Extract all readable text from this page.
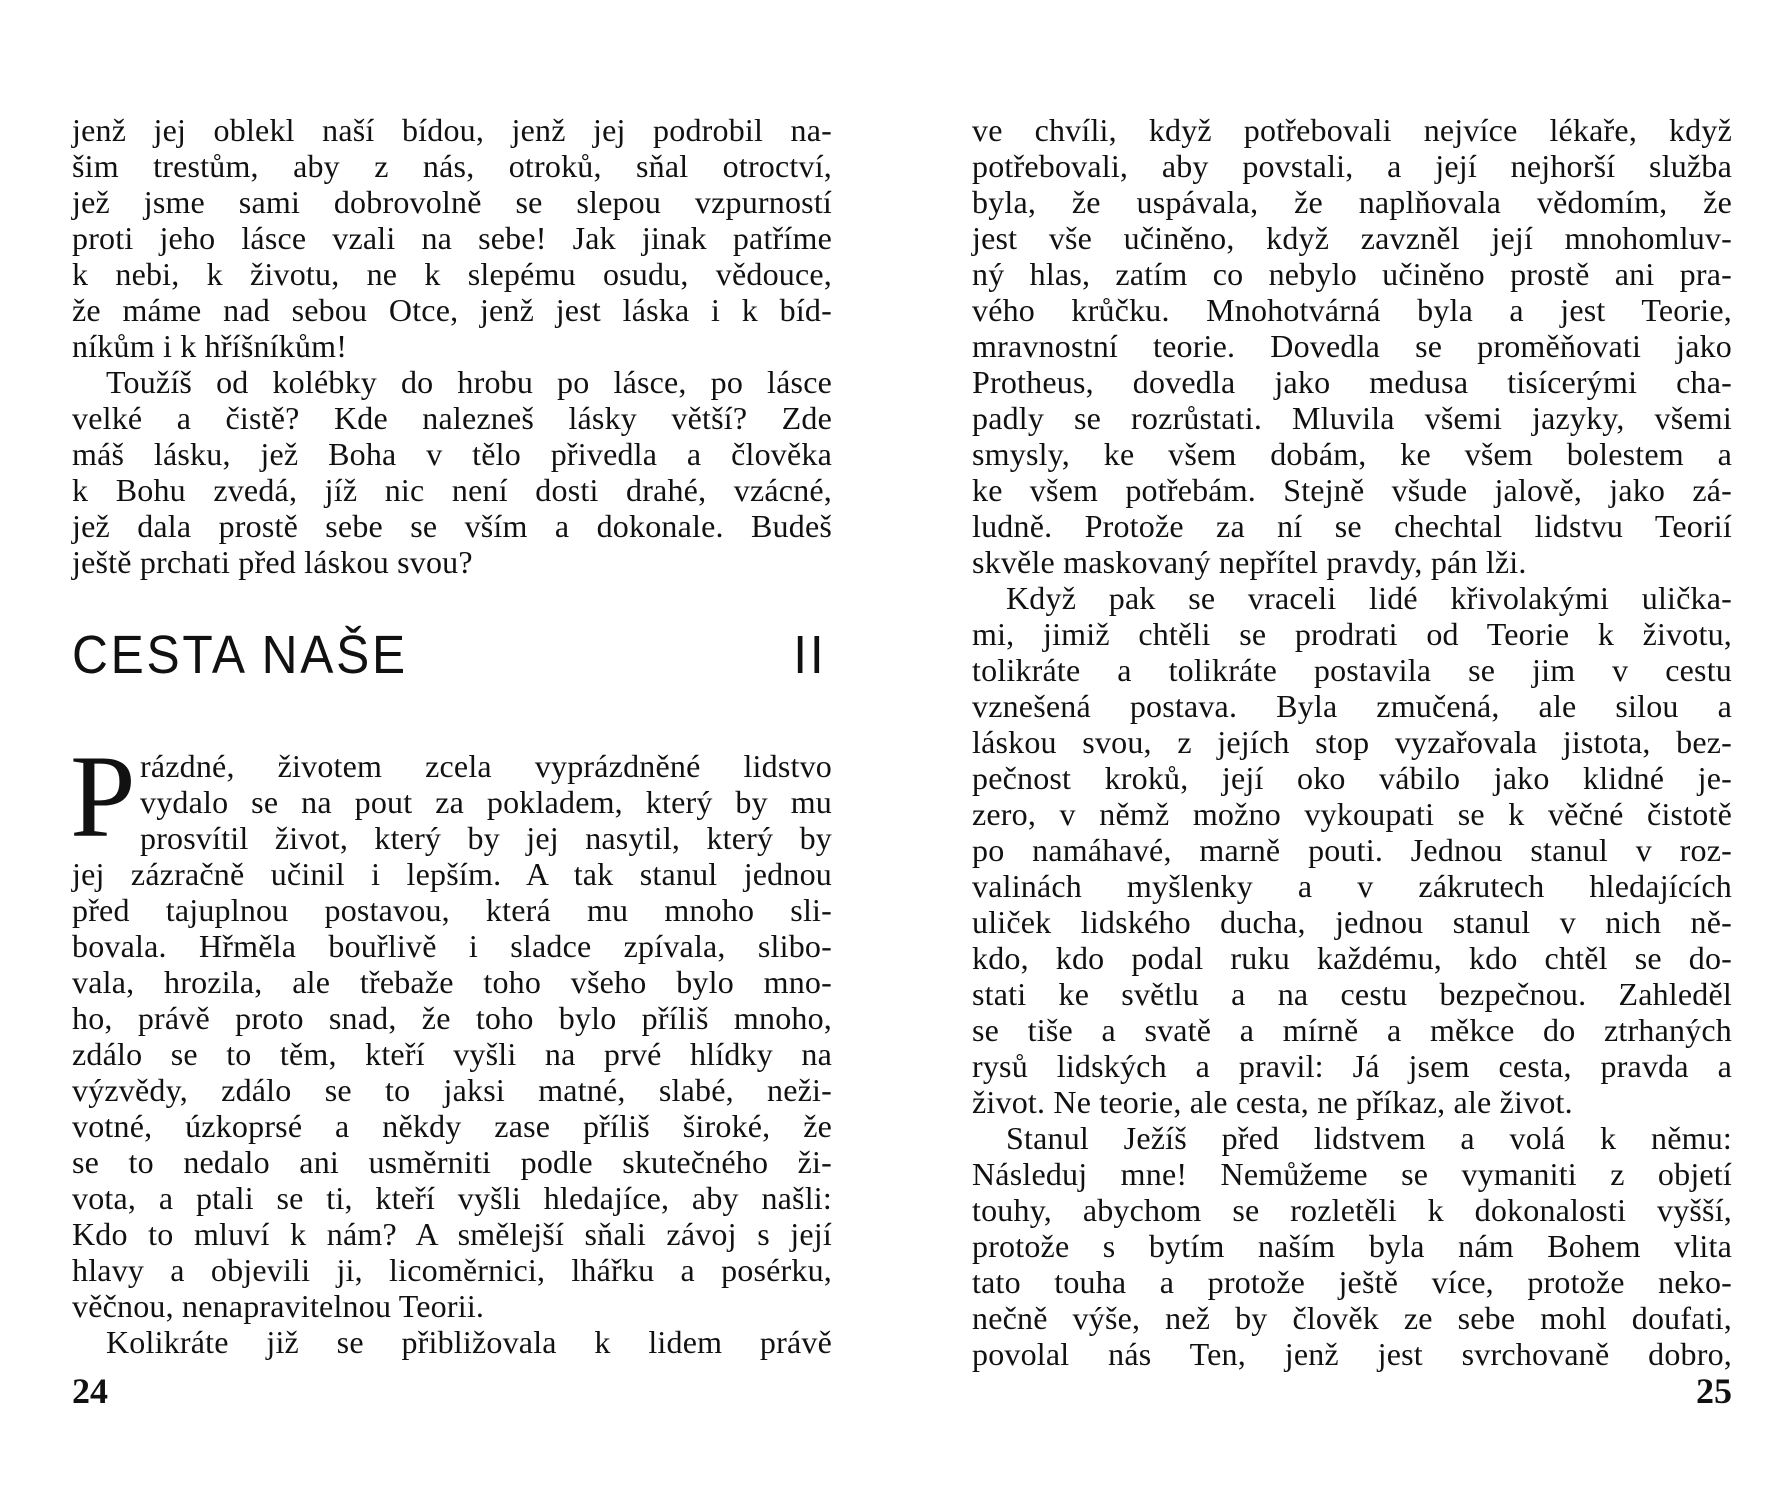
jenž jej oblekl naší bídou, jenž jej podrobil na-
šim trestům, aby z nás, otroků, sňal otroctví,
jež jsme sami dobrovolně se slepou vzpurností
proti jeho lásce vzali na sebe! Jak jinak patříme
k nebi, k životu, ne k slepému osudu, vědouce,
že máme nad sebou Otce, jenž jest láska i k bíd-
níkům i k hříšníkům!
Toužíš od kolébky do hrobu po lásce, po lásce
velké a čistě? Kde nalezneš lásky větší? Zde
máš lásku, jež Boha v tělo přivedla a člověka
k Bohu zvedá, jíž nic není dosti drahé, vzácné,
jež dala prostě sebe se vším a dokonale. Budeš
ještě prchati před láskou svou?
CESTA NAŠE	II
P rázdné, životem zcela vyprázdněné lidstvo
vydalo se na pout za pokladem, který by mu
prosvítil život, který by jej nasytil, který by
jej zázračně učinil i lepším. A tak stanul jednou
před tajuplnou postavou, která mu mnoho sli-
bovala. Hřměla bouřlivě i sladce zpívala, slibo-
vala, hrozila, ale třebaže toho všeho bylo mno-
ho, právě proto snad, že toho bylo příliš mnoho,
zdálo se to těm, kteří vyšli na prvé hlídky na
výzvědy, zdálo se to jaksi matné, slabé, neži-
votné, úzkoprsé a někdy zase příliš široké, že
se to nedalo ani usměrniti podle skutečného ži-
vota, a ptali se ti, kteří vyšli hledajíce, aby našli:
Kdo to mluví k nám? A smělejší sňali závoj s její
hlavy a objevili ji, licoměrnici, lhářku a posérku,
věčnou, nenapravitelnou Teorii.
Kolikráte již se přibližovala k lidem právě
24
ve chvíli, když potřebovali nejvíce lékaře, když
potřebovali, aby povstali, a její nejhorší služba
byla, že uspávala, že naplňovala vědomím, že
jest vše učiněno, když zavzněl její mnohomluv-
ný hlas, zatím co nebylo učiněno prostě ani pra-
vého krůčku. Mnohotvárná byla a jest Teorie,
mravnostní teorie. Dovedla se proměňovati jako
Protheus, dovedla jako medusa tisícerými cha-
padly se rozrůstati. Mluvila všemi jazyky, všemi
smysly, ke všem dobám, ke všem bolestem a
ke všem potřebám. Stejně všude jalově, jako zá-
ludně. Protože za ní se chechtal lidstvu Teorií
skvěle maskovaný nepřítel pravdy, pán lži.
Když pak se vraceli lidé křivolakými ulička-
mi, jimiž chtěli se prodrati od Teorie k životu,
tolikráte a tolikráte postavila se jim v cestu
vznešená postava. Byla zmučená, ale silou a
láskou svou, z jejích stop vyzařovala jistota, bez-
pečnost kroků, její oko vábilo jako klidné je-
zero, v němž možno vykoupati se k věčné čistotě
po namáhavé, marně pouti. Jednou stanul v roz-
valinách myšlenky a v zákrutech hledajících
uliček lidského ducha, jednou stanul v nich ně-
kdo, kdo podal ruku každému, kdo chtěl se do-
stati ke světlu a na cestu bezpečnou. Zahleděl
se tiše a svatě a mírně a měkce do ztrhaných
rysů lidských a pravil: Já jsem cesta, pravda a
život. Ne teorie, ale cesta, ne příkaz, ale život.
Stanul Ježíš před lidstvem a volá k němu:
Následuj mne! Nemůžeme se vymaniti z objetí
touhy, abychom se rozletěli k dokonalosti vyšší,
protože s bytím naším byla nám Bohem vlita
tato touha a protože ještě více, protože neko-
nečně výše, než by člověk ze sebe mohl doufati,
povolal nás Ten, jenž jest svrchovaně dobro,
25
